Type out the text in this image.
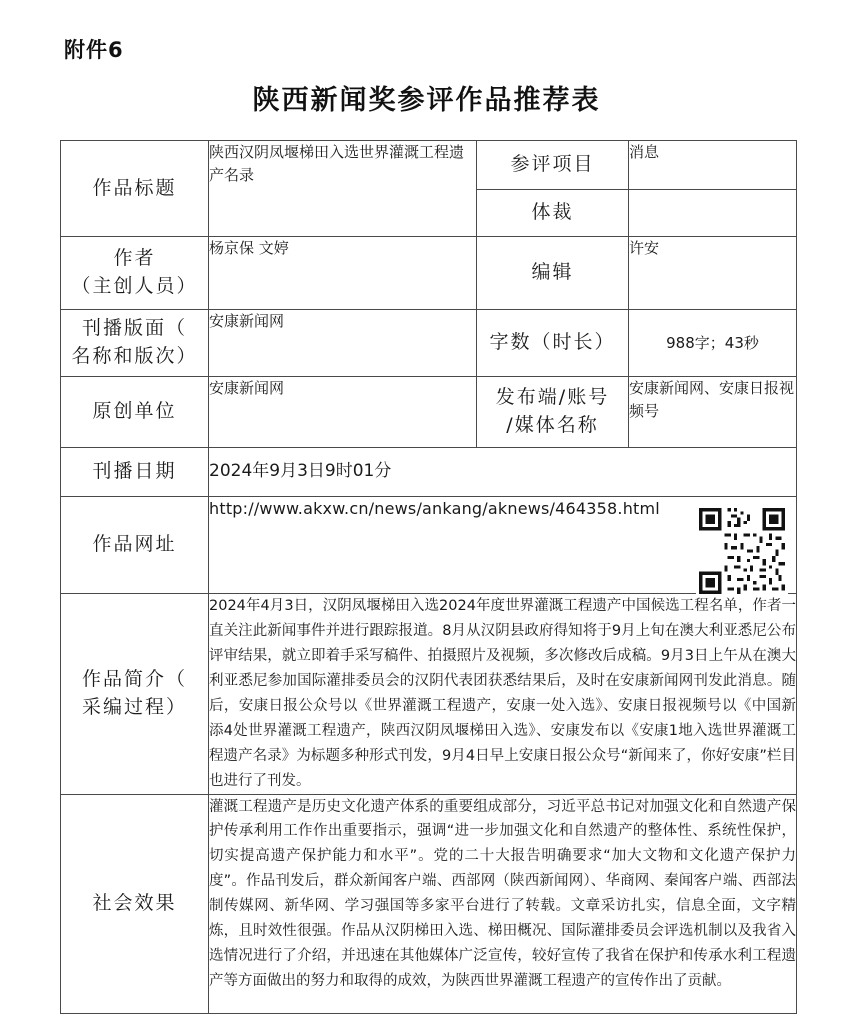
附件6
陕西新闻奖参评作品推荐表
作品标题	陕西汉阴凤堰梯田入选世界灌溉工程遗产名录	参评项目	消息
		体裁	

作者
（主创人员）	杨京保 文婷	编辑	许安

刊播版面（
名称和版次）	安康新闻网	字数（时长）	988字；43秒
原创单位	安康新闻网	发布端/账号
/媒体名称	安康新闻网、安康日报视频号
刊播日期	2024年9月3日9时01分		
作品网址	http://www.akxw.cn/news/ankang/aknews/464358.html		

作品简介（
采编过程）	2024年4月3日，汉阴凤堰梯田入选2024年度世界灌溉工程遗产中国候选工程名单，作者一直关注此新闻事件并进行跟踪报道。8月从汉阴县政府得知将于9月上旬在澳大利亚悉尼公布评审结果，就立即着手采写稿件、拍摄照片及视频，多次修改后成稿。9月3日上午从在澳大利亚悉尼参加国际灌排委员会的汉阴代表团获悉结果后，及时在安康新闻网刊发此消息。随后，安康日报公众号以《世界灌溉工程遗产，安康一处入选》、安康日报视频号以《中国新添4处世界灌溉工程遗产，陕西汉阴凤堰梯田入选》、安康发布以《安康1地入选世界灌溉工程遗产名录》为标题多种形式刊发，9月4日早上安康日报公众号“新闻来了，你好安康”栏目也进行了刊发。		
社会效果	灌溉工程遗产是历史文化遗产体系的重要组成部分，习近平总书记对加强文化和自然遗产保护传承利用工作作出重要指示，强调“进一步加强文化和自然遗产的整体性、系统性保护，切实提高遗产保护能力和水平”。党的二十大报告明确要求“加大文物和文化遗产保护力度”。作品刊发后，群众新闻客户端、西部网（陕西新闻网）、华商网、秦闻客户端、西部法制传媒网、新华网、学习强国等多家平台进行了转载。文章采访扎实，信息全面，文字精炼，且时效性很强。作品从汉阴梯田入选、梯田概况、国际灌排委员会评选机制以及我省入选情况进行了介绍，并迅速在其他媒体广泛宣传，较好宣传了我省在保护和传承水利工程遗产等方面做出的努力和取得的成效，为陕西世界灌溉工程遗产的宣传作出了贡献。		
